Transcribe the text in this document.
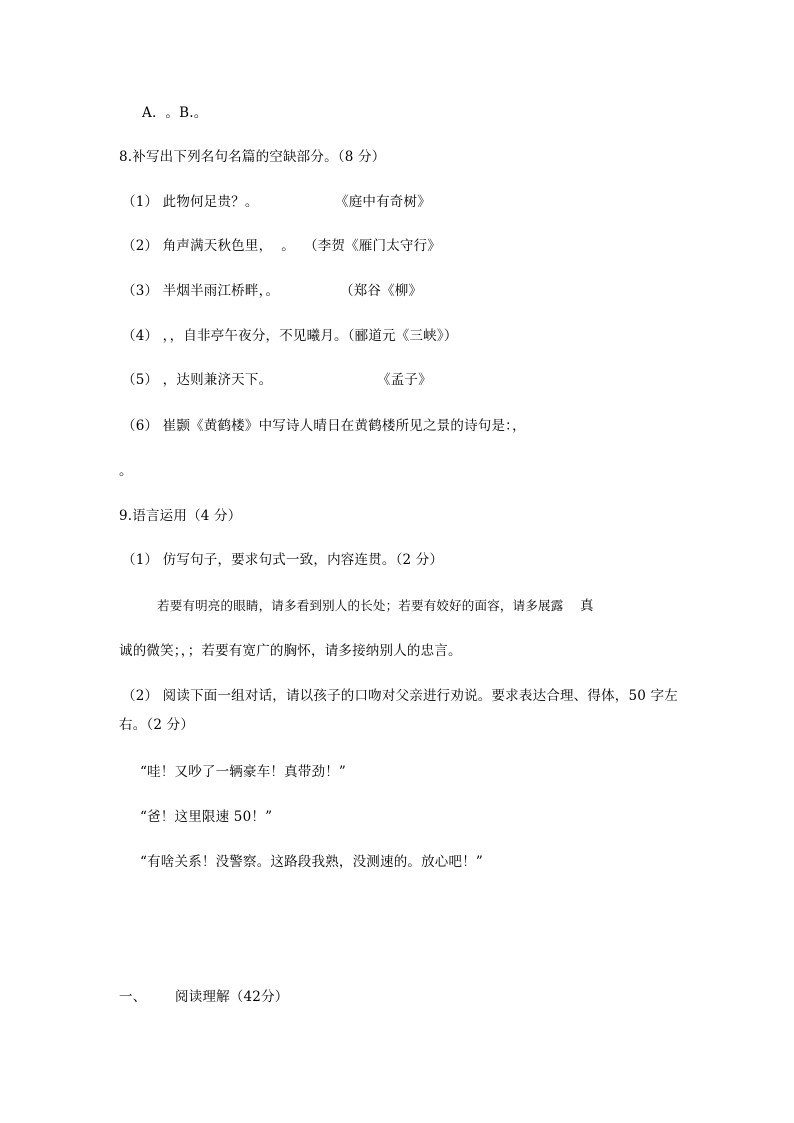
A.  。B.。
8.补写出下列名句名篇的空缺部分。（8 分）
（1） 此物何足贵？。	《庭中有奇树》
（2） 角声满天秋色里，  。 （李贺《雁门太守行》
（3） 半烟半雨江桥畔，。	（郑谷《柳》
（4） ，，自非亭午夜分，不见曦月。（郦道元《三峡》）
（5） ，达则兼济天下。	《孟子》
（6） 崔颢《黄鹤楼》中写诗人晴日在黄鹤楼所见之景的诗句是：，
。
9.语言运用（4 分）
（1） 仿写句子，要求句式一致，内容连贯。（2 分）
若要有明亮的眼睛，请多看到别人的长处；若要有姣好的面容，请多展露 真
诚的微笑；，；若要有宽广的胸怀，请多接纳别人的忠言。
（2） 阅读下面一组对话，请以孩子的口吻对父亲进行劝说。要求表达合理、得体，50 字左
右。（2 分）
“哇！又吵了一辆豪车！真带劲！”
“爸！这里限速 50！”
“有啥关系！没警察。这路段我熟，没测速的。放心吧！”
一、 阅读理解（42分）
